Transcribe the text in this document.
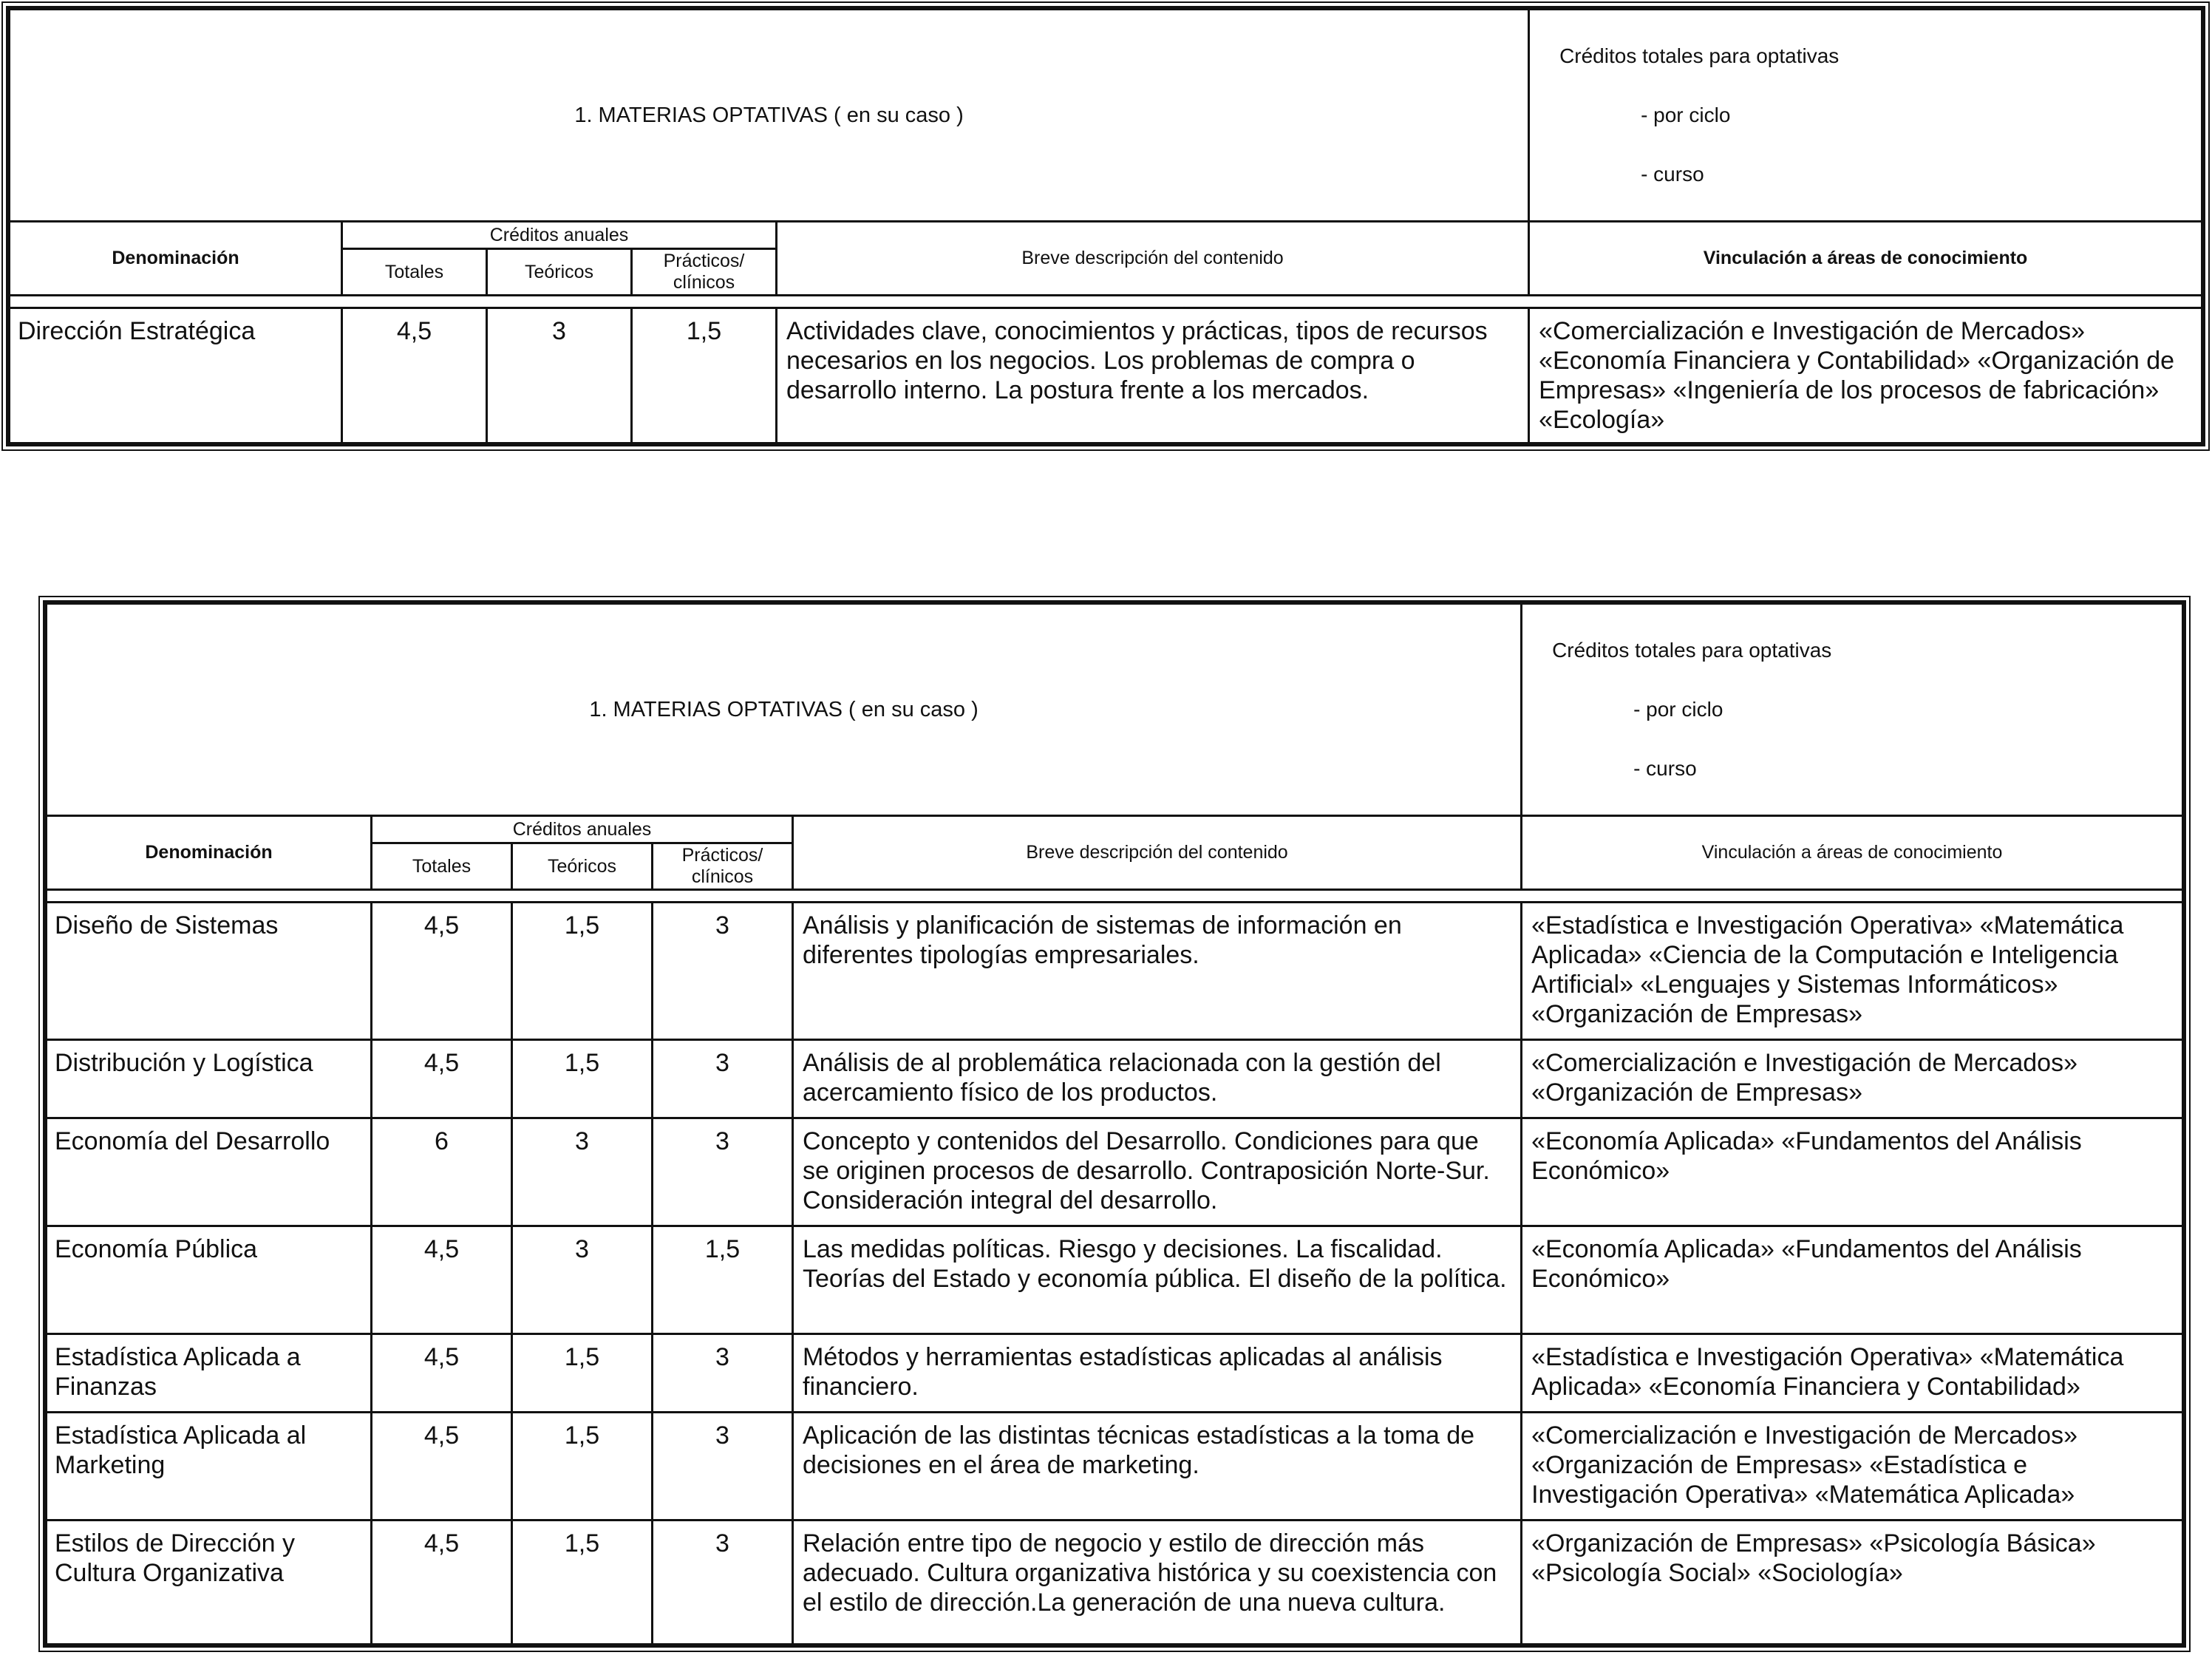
1. MATERIAS OPTATIVAS ( en su caso )					Créditos totales para optativas
- por ciclo
- curso

Denominación	Créditos anuales			Breve descripción del contenido	Vinculación a áreas de conocimiento
	Totales	Teóricos	Prácticos/ clínicos		

Dirección Estratégica	4,5	3	1,5	Actividades clave, conocimientos y prácticas, tipos de recursos necesarios en los negocios. Los problemas de compra o desarrollo interno. La postura frente a los mercados.	«Comercialización e Investigación de Mercados» «Economía Financiera y Contabilidad» «Organización de Empresas» «Ingeniería de los procesos de fabricación» «Ecología»
1. MATERIAS OPTATIVAS ( en su caso )					Créditos totales para optativas
- por ciclo
- curso

Denominación	Créditos anuales			Breve descripción del contenido	Vinculación a áreas de conocimiento
	Totales	Teóricos	Prácticos/ clínicos		

Diseño de Sistemas	4,5	1,5	3	Análisis y planificación de sistemas de información en diferentes tipologías empresariales.	«Estadística e Investigación Operativa» «Matemática Aplicada» «Ciencia de la Computación e Inteligencia Artificial» «Lenguajes y Sistemas Informáticos» «Organización de Empresas»
Distribución y Logística	4,5	1,5	3	Análisis de al problemática relacionada con la gestión del acercamiento físico de los productos.	«Comercialización e Investigación de Mercados» «Organización de Empresas»
Economía del Desarrollo	6	3	3	Concepto y contenidos del Desarrollo. Condiciones para que se originen procesos de desarrollo. Contraposición Norte-Sur. Consideración integral del desarrollo.	«Economía Aplicada» «Fundamentos del Análisis Económico»
Economía Pública	4,5	3	1,5	Las medidas políticas. Riesgo y decisiones. La fiscalidad. Teorías del Estado y economía pública. El diseño de la política.	«Economía Aplicada» «Fundamentos del Análisis Económico»
Estadística Aplicada a Finanzas	4,5	1,5	3	Métodos y herramientas estadísticas aplicadas al análisis financiero.	«Estadística e Investigación Operativa» «Matemática Aplicada» «Economía Financiera y Contabilidad»
Estadística Aplicada al Marketing	4,5	1,5	3	Aplicación de las distintas técnicas estadísticas a la toma de decisiones en el área de marketing.	«Comercialización e Investigación de Mercados» «Organización de Empresas» «Estadística e Investigación Operativa» «Matemática Aplicada»
Estilos de Dirección y Cultura Organizativa	4,5	1,5	3	Relación entre tipo de negocio y estilo de dirección más adecuado. Cultura organizativa histórica y su coexistencia con el estilo de dirección.La generación de una nueva cultura.	«Organización de Empresas» «Psicología Básica» «Psicología Social» «Sociología»
